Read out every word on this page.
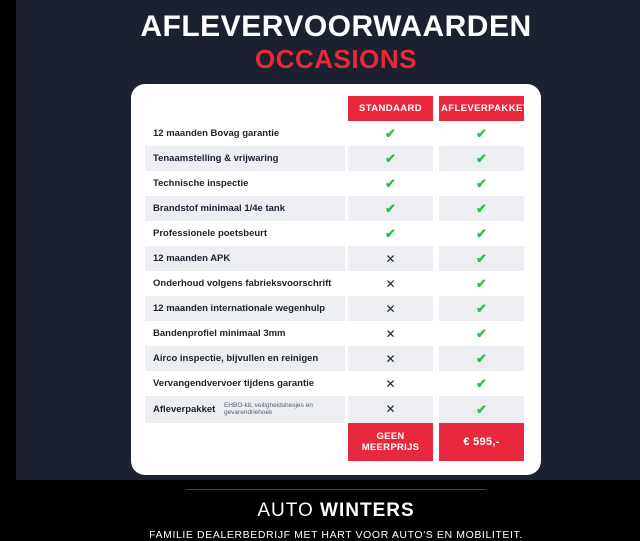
AFLEVERVOORWAARDEN
OCCASIONS
	STANDAARD	AFLEVERPAKKET
12 maanden Bovag garantie	✔	✔
Tenaamstelling & vrijwaring	✔	✔
Technische inspectie	✔	✔
Brandstof minimaal 1/4e tank	✔	✔
Professionele poetsbeurt	✔	✔
12 maanden APK	✕	✔
Onderhoud volgens fabrieksvoorschrift	✕	✔
12 maanden internationale wegenhulp	✕	✔
Bandenprofiel minimaal 3mm	✕	✔
Airco inspectie, bijvullen en reinigen	✕	✔
Vervangendvervoer tijdens garantie	✕	✔
Afleverpakket EHBO-kit, veiligheidshesjes en gevarendriehoek	✕	✔
	GEEN MEERPRIJS	€ 595,-
AUTO WINTERS
FAMILIE DEALERBEDRIJF MET HART VOOR AUTO'S EN MOBILITEIT.
